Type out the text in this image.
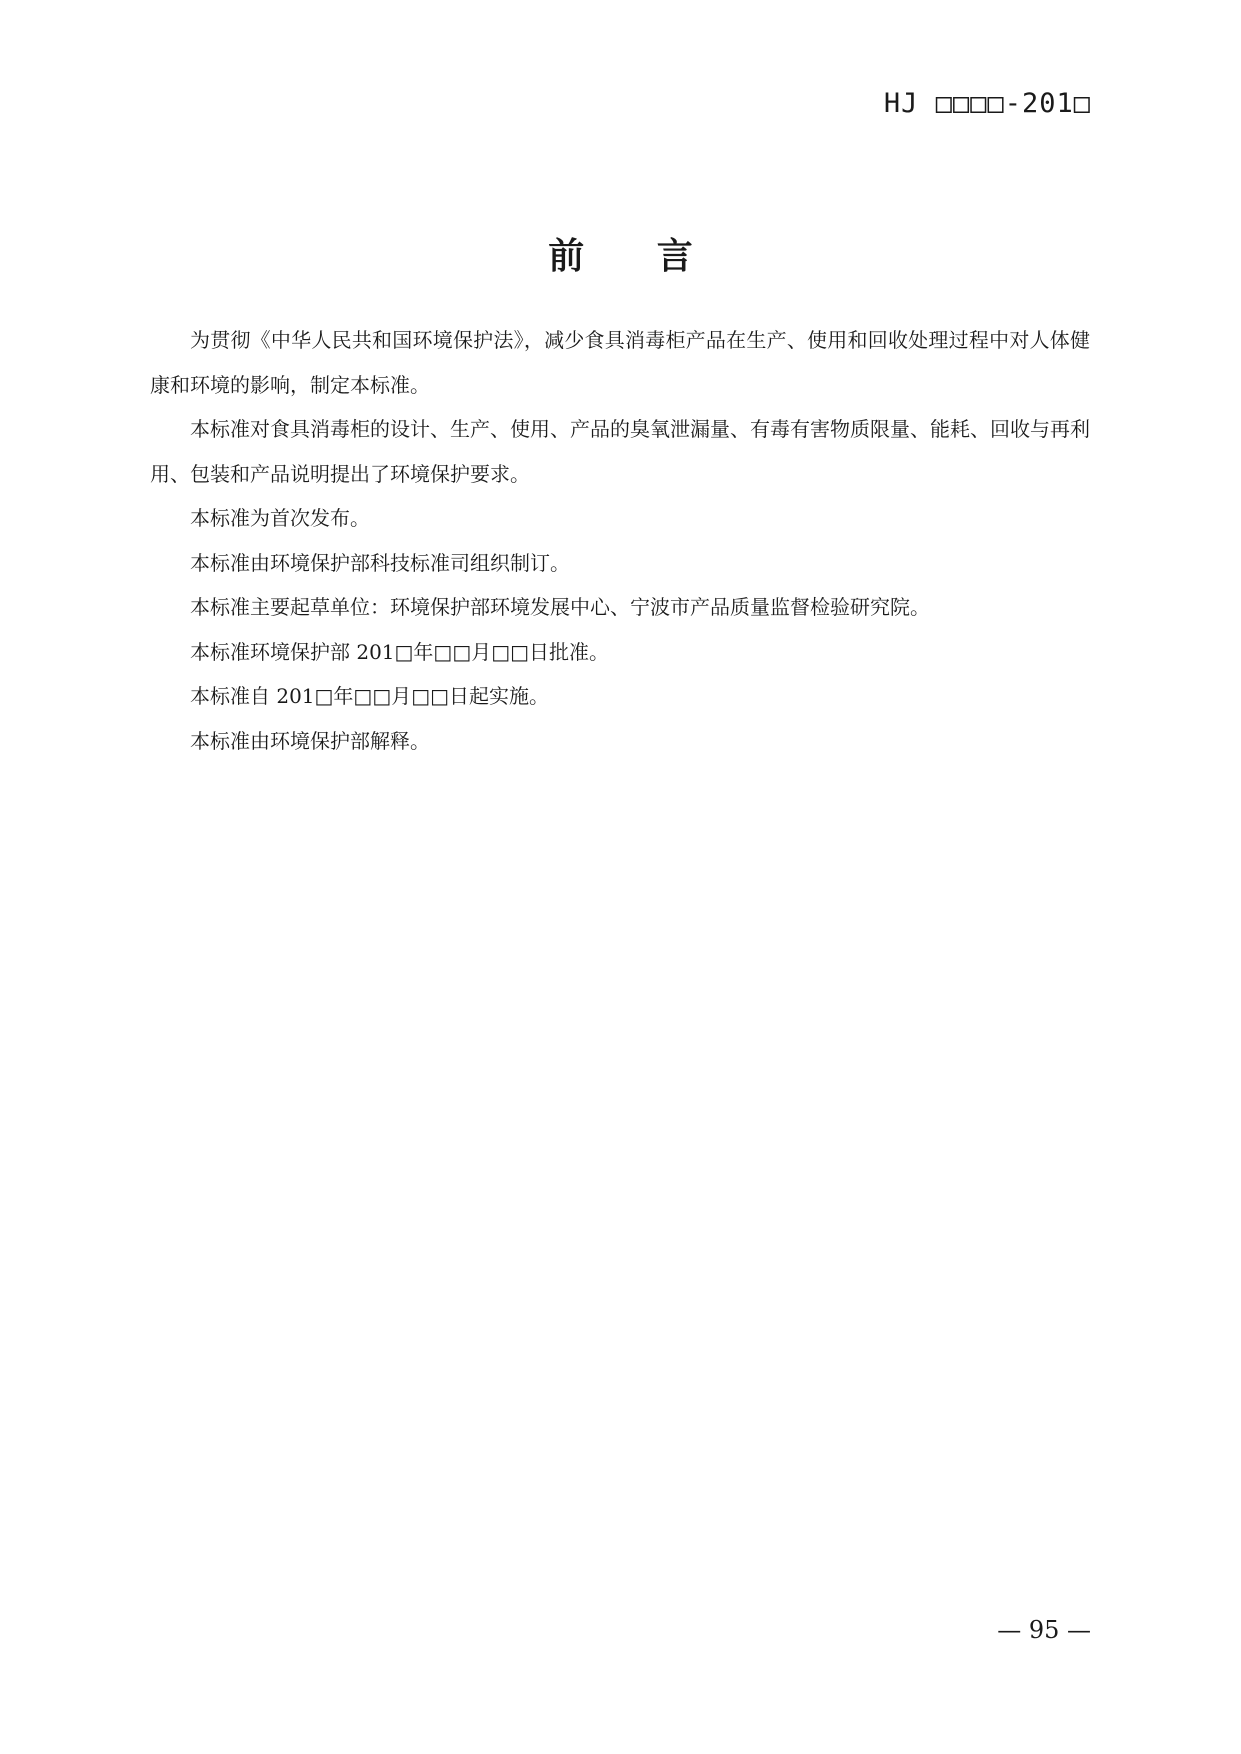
HJ □□□□-201□
前 言

为贯彻《中华人民共和国环境保护法》，减少食具消毒柜产品在生产、使用和回收处理过程中对人体健康和环境的影响，制定本标准。

本标准对食具消毒柜的设计、生产、使用、产品的臭氧泄漏量、有毒有害物质限量、能耗、回收与再利用、包装和产品说明提出了环境保护要求。

本标准为首次发布。

本标准由环境保护部科技标准司组织制订。

本标准主要起草单位：环境保护部环境发展中心、宁波市产品质量监督检验研究院。

本标准环境保护部 201□年□□月□□日批准。

本标准自 201□年□□月□□日起实施。

本标准由环境保护部解释。

— 95 —
